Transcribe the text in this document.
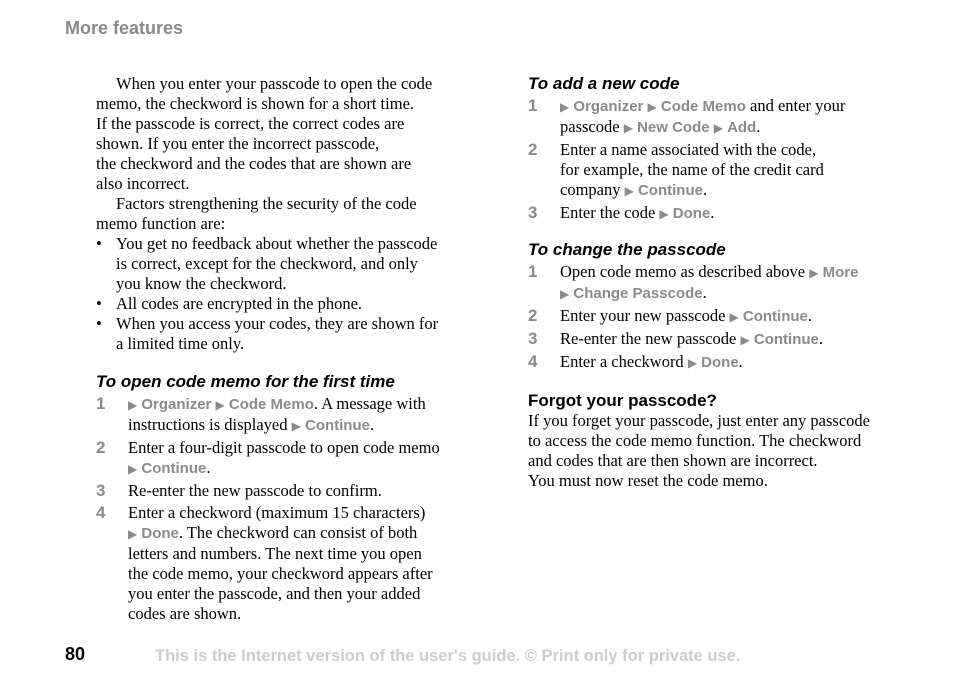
More features

When you enter your passcode to open the code
memo, the checkword is shown for a short time.
If the passcode is correct, the correct codes are
shown. If you enter the incorrect passcode,
the checkword and the codes that are shown are
also incorrect.

Factors strengthening the security of the code
memo function are:

• You get no feedback about whether the passcode
is correct, except for the checkword, and only
you know the checkword.
• All codes are encrypted in the phone.
• When you access your codes, they are shown for
a limited time only.
To open code memo for the first time
1 ▶ Organizer ▶ Code Memo. A message with
instructions is displayed ▶ Continue.
2 Enter a four-digit passcode to open code memo
▶ Continue.
3 Re-enter the new passcode to confirm.
4 Enter a checkword (maximum 15 characters)
▶ Done. The checkword can consist of both
letters and numbers. The next time you open
the code memo, your checkword appears after
you enter the passcode, and then your added
codes are shown.
To add a new code
1 ▶ Organizer ▶ Code Memo and enter your
passcode ▶ New Code ▶ Add.
2 Enter a name associated with the code,
for example, the name of the credit card
company ▶ Continue.
3 Enter the code ▶ Done.
To change the passcode
1 Open code memo as described above ▶ More
▶ Change Passcode.
2 Enter your new passcode ▶ Continue.
3 Re-enter the new passcode ▶ Continue.
4 Enter a checkword ▶ Done.
Forgot your passcode?

If you forget your passcode, just enter any passcode
to access the code memo function. The checkword
and codes that are then shown are incorrect.
You must now reset the code memo.

80	This is the Internet version of the user's guide. © Print only for private use.
